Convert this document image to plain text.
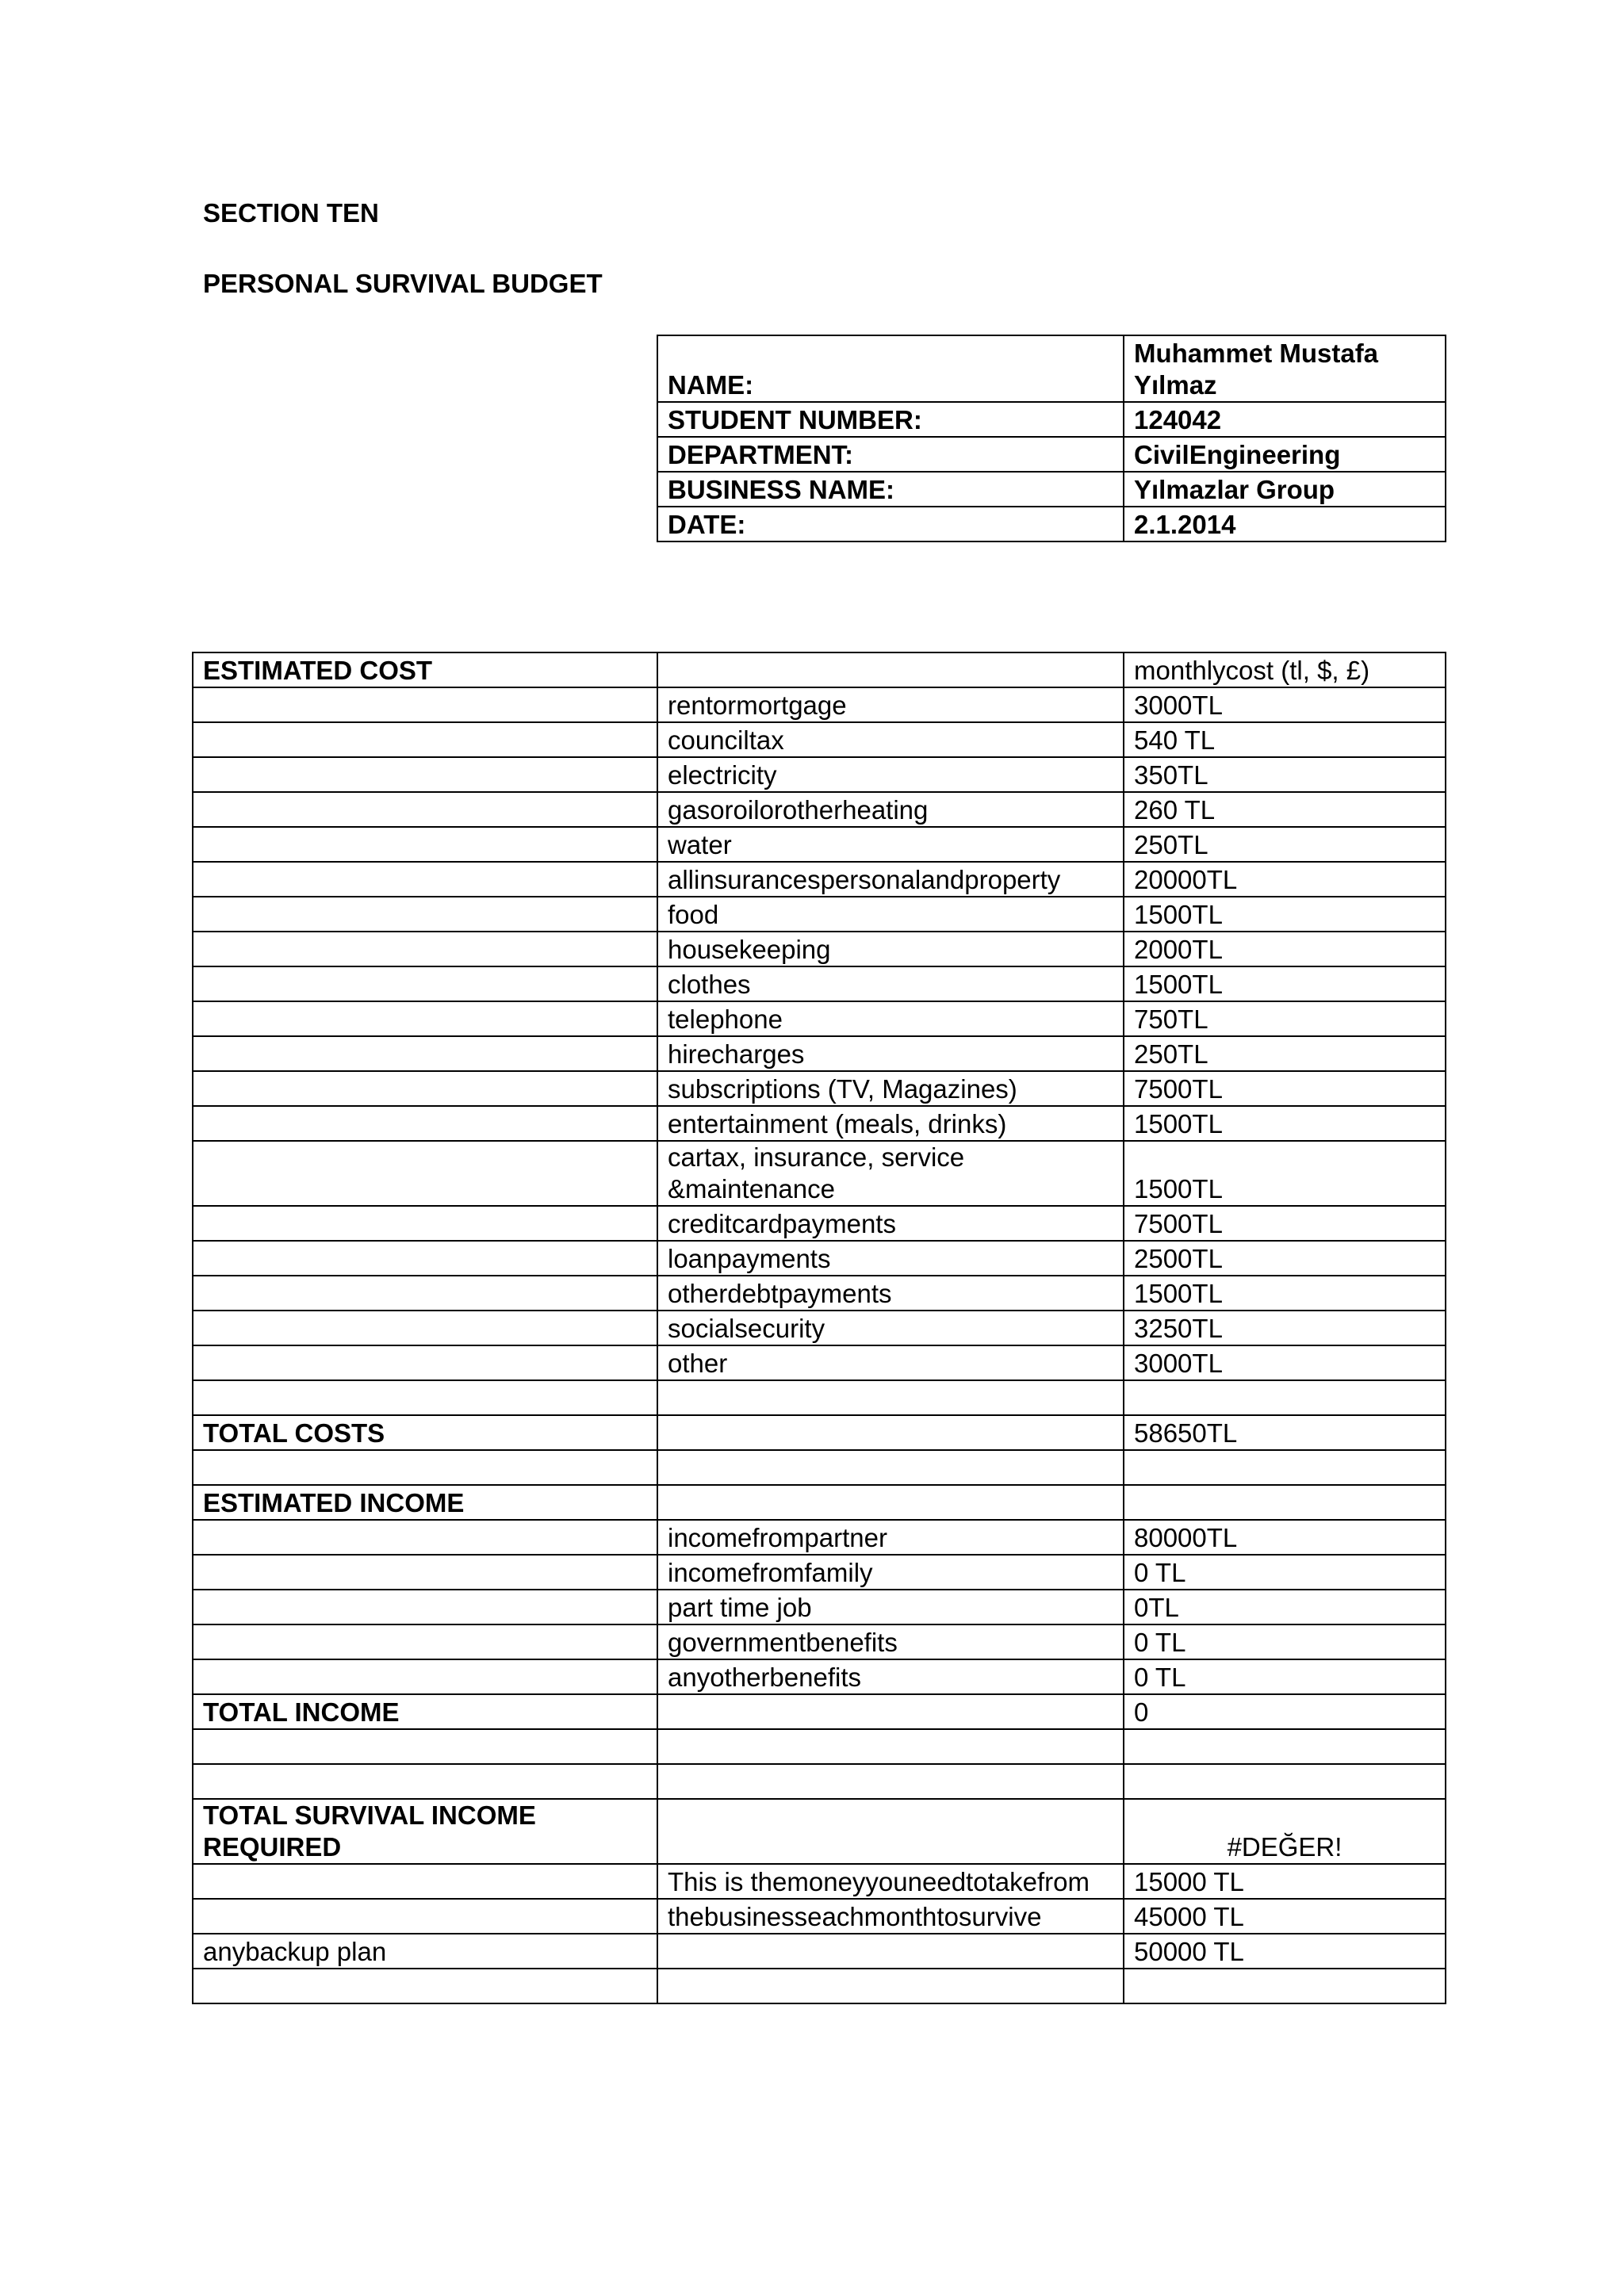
SECTION TEN

PERSONAL SURVIVAL BUDGET

NAME:	Muhammet Mustafa Yılmaz
STUDENT NUMBER:	124042
DEPARTMENT:	CivilEngineering
BUSINESS NAME:	Yılmazlar Group
DATE:	2.1.2014
ESTIMATED COST		monthlycost (tl, $, £)
	rentormortgage	3000TL
	counciltax	540 TL
	electricity	350TL
	gasoroilorotherheating	260 TL
	water	250TL
	allinsurancespersonalandproperty	20000TL
	food	1500TL
	housekeeping	2000TL
	clothes	1500TL
	telephone	750TL
	hirecharges	250TL
	subscriptions (TV, Magazines)	7500TL
	entertainment (meals, drinks)	1500TL
	cartax, insurance, service &maintenance	1500TL
	creditcardpayments	7500TL
	loanpayments	2500TL
	otherdebtpayments	1500TL
	socialsecurity	3250TL
	other	3000TL

TOTAL COSTS		58650TL

ESTIMATED INCOME		
	incomefrompartner	80000TL
	incomefromfamily	0 TL
	part time job	0TL
	governmentbenefits	0 TL
	anyotherbenefits	0 TL
TOTAL INCOME		0

TOTAL SURVIVAL INCOME REQUIRED		#DEĞER!
	This is themoneyyouneedtotakefrom	15000 TL
	thebusinesseachmonthtosurvive	45000 TL
anybackup plan		50000 TL
